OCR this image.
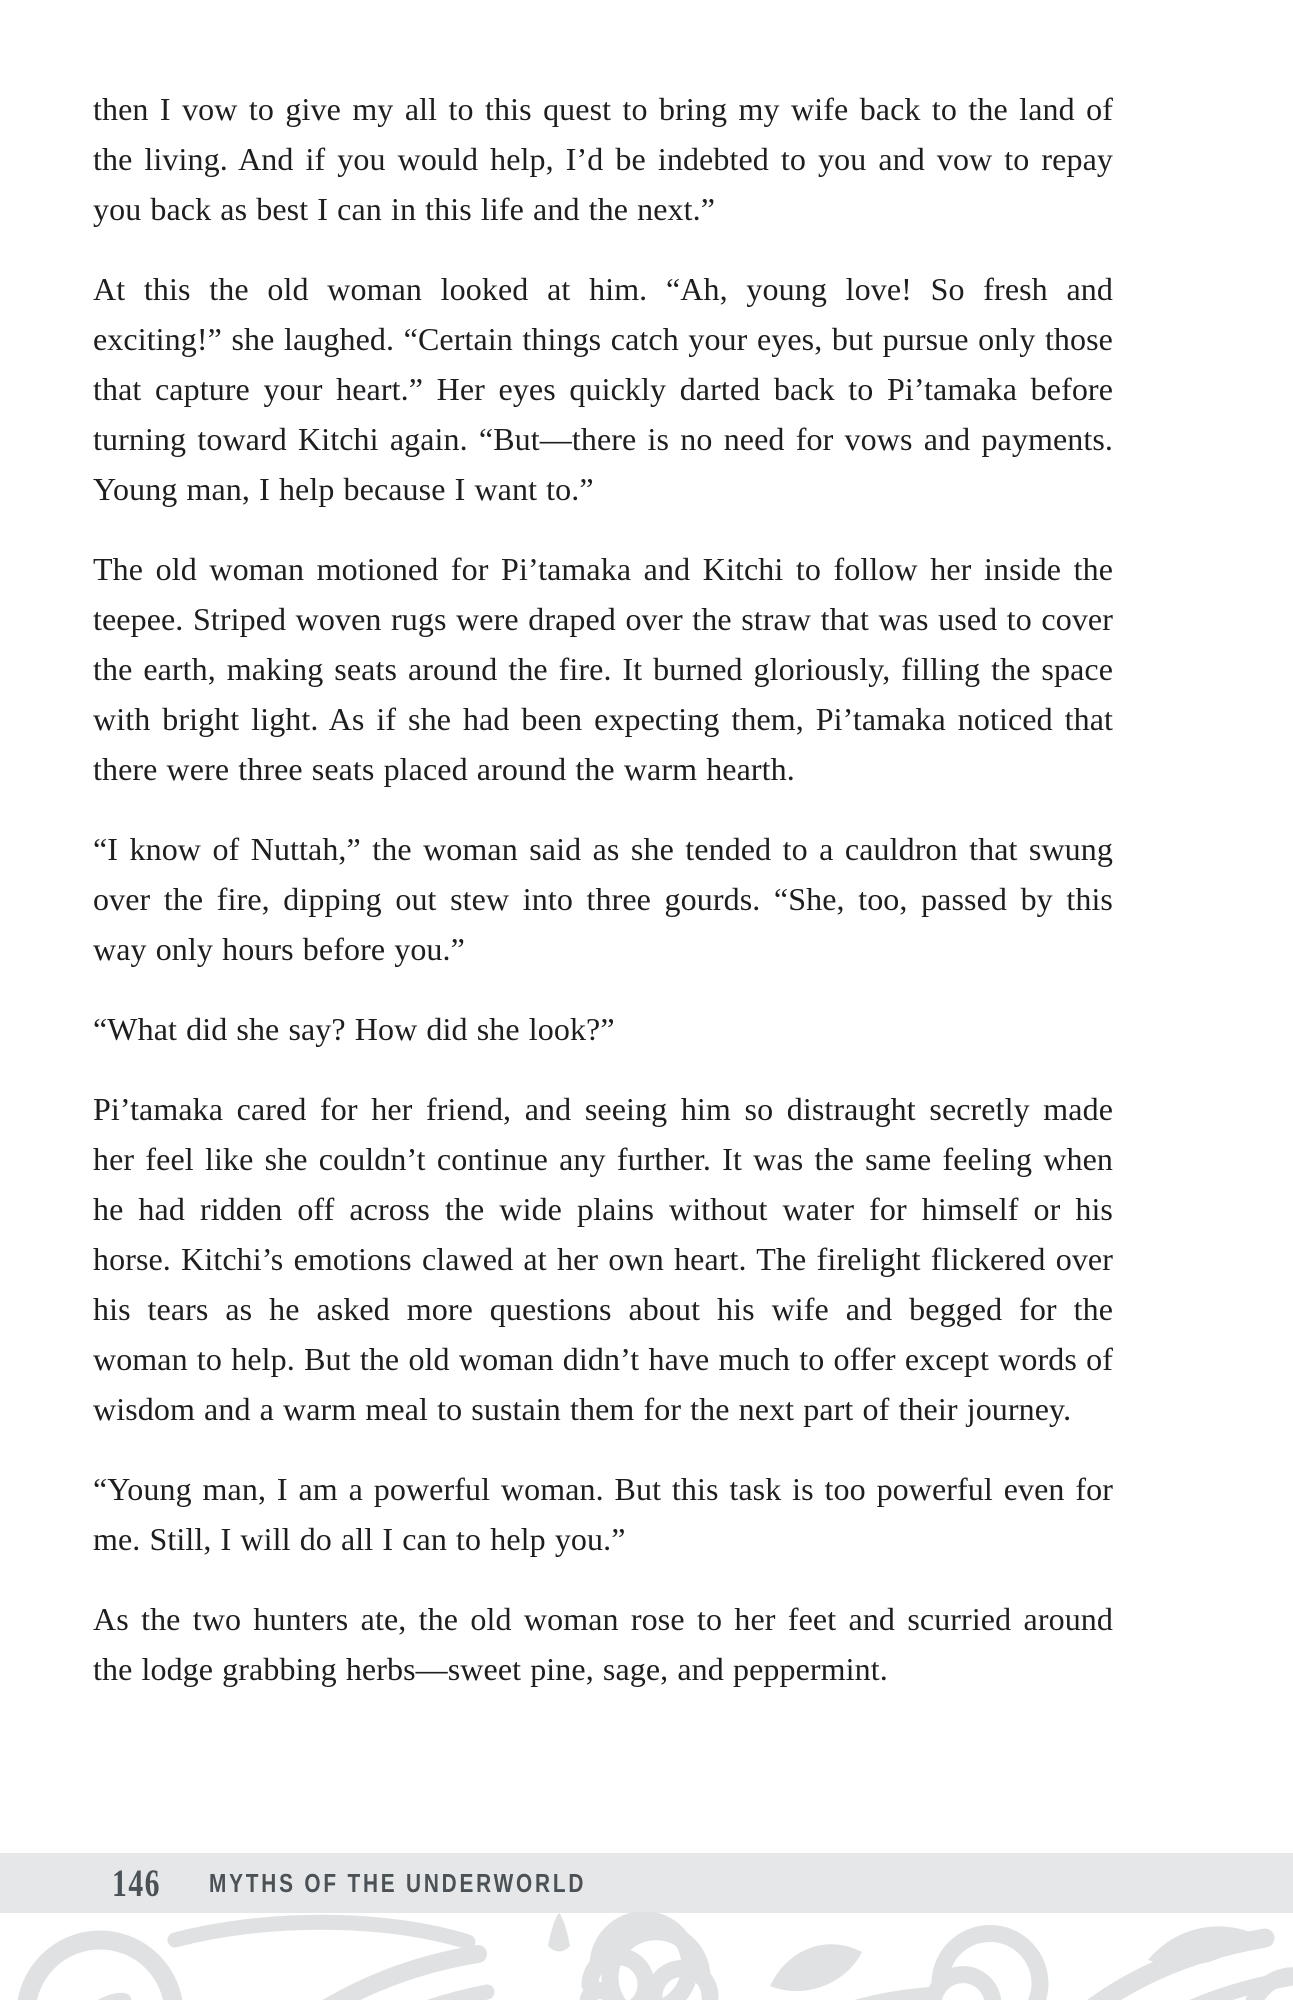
then I vow to give my all to this quest to bring my wife back to the land of the living. And if you would help, I’d be indebted to you and vow to repay you back as best I can in this life and the next.”

At this the old woman looked at him. “Ah, young love! So fresh and exciting!” she laughed. “Certain things catch your eyes, but pursue only those that capture your heart.” Her eyes quickly darted back to Pi’tamaka before turning toward Kitchi again. “But—there is no need for vows and payments. Young man, I help because I want to.”

The old woman motioned for Pi’tamaka and Kitchi to follow her inside the teepee. Striped woven rugs were draped over the straw that was used to cover the earth, making seats around the fire. It burned gloriously, filling the space with bright light. As if she had been expecting them, Pi’tamaka noticed that there were three seats placed around the warm hearth.

“I know of Nuttah,” the woman said as she tended to a cauldron that swung over the fire, dipping out stew into three gourds. “She, too, passed by this way only hours before you.”

“What did she say? How did she look?”

Pi’tamaka cared for her friend, and seeing him so distraught secretly made her feel like she couldn’t continue any further. It was the same feeling when he had ridden off across the wide plains without water for himself or his horse. Kitchi’s emotions clawed at her own heart. The firelight flickered over his tears as he asked more questions about his wife and begged for the woman to help. But the old woman didn’t have much to offer except words of wisdom and a warm meal to sustain them for the next part of their journey.

“Young man, I am a powerful woman. But this task is too powerful even for me. Still, I will do all I can to help you.”

As the two hunters ate, the old woman rose to her feet and scurried around the lodge grabbing herbs—sweet pine, sage, and peppermint.

146 MYTHS OF THE UNDERWORLD
